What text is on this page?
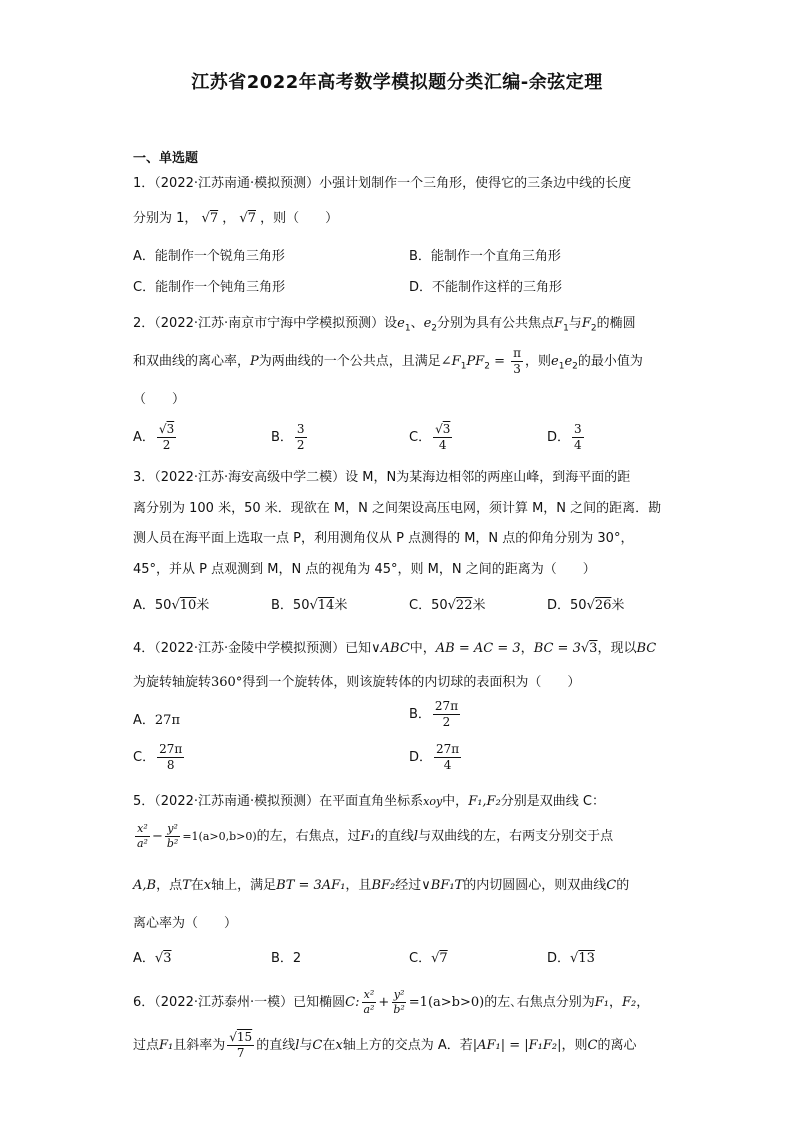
江苏省2022年高考数学模拟题分类汇编-余弦定理
一、单选题
1．（2022·江苏南通·模拟预测）小强计划制作一个三角形，使得它的三条边中线的长度
分别为 1， √7 ， √7 ，则（　　）
A．能制作一个锐角三角形	B．能制作一个直角三角形
C．能制作一个钝角三角形	D．不能制作这样的三角形
2．（2022·江苏·南京市宁海中学模拟预测）设$e_1$、$e_2$分别为具有公共焦点$F_1$与$F_2$的椭圆
和双曲线的离心率，P为两曲线的一个公共点，且满足$\angle F_1PF_2 = \frac{\pi}{3}$ ，则$e_1e_2$的最小值为
（　　）
A． $\frac{√3}{2}$	B． $\frac{3}{2}$	C． $\frac{√3}{4}$	D． $\frac{3}{4}$
3．（2022·江苏·海安高级中学二模）设 M，N为某海边相邻的两座山峰，到海平面的距
离分别为 100 米，50 米．现欲在 M，N 之间架设高压电网，须计算 M，N 之间的距离．勘
测人员在海平面上选取一点 P，利用测角仪从 P 点测得的 M，N 点的仰角分别为 30°，
45°，并从 P 点观测到 M，N 点的视角为 45°，则 M，N 之间的距离为（　　）
A．50√10米	B．50√14米	C．50√22米	D．50√26米
4．（2022·江苏·金陵中学模拟预测）已知∨ABC中，AB = AC = 3，BC = 3√3，现以BC
为旋转轴旋转360°得到一个旋转体，则该旋转体的内切球的表面积为（　　）
A．27π	B． $\frac{27\pi}{2}$
C． $\frac{27\pi}{8}$	D． $\frac{27\pi}{4}$
5．（2022·江苏南通·模拟预测）在平面直角坐标系xoy中，F₁,F₂分别是双曲线 C：
$\frac{\text{x²}}{\text{a²}} - \frac{\text{y²}}{\text{b²}} =1(a>0,b>0)$的左，右焦点，过F₁的直线l与双曲线的左，右两支分别交于点
A,B，点T在x轴上，满足BT = 3AF₁，且BF₂经过∨BF₁T的内切圆圆心，则双曲线C的
离心率为（　　）
A．√3	B．2	C．√7	D．√13
6．（2022·江苏泰州·一模）已知椭圆C: $\frac{\text{x²}}{\text{a²}} + \frac{\text{y²}}{\text{b²}} =1(a>b>0)$的左､右焦点分别为F₁，F₂，
过点F₁且斜率为 $\frac{√15}{7}$ 的直线l与C在x轴上方的交点为 A．若|AF₁| = |F₁F₂|，则C的离心
